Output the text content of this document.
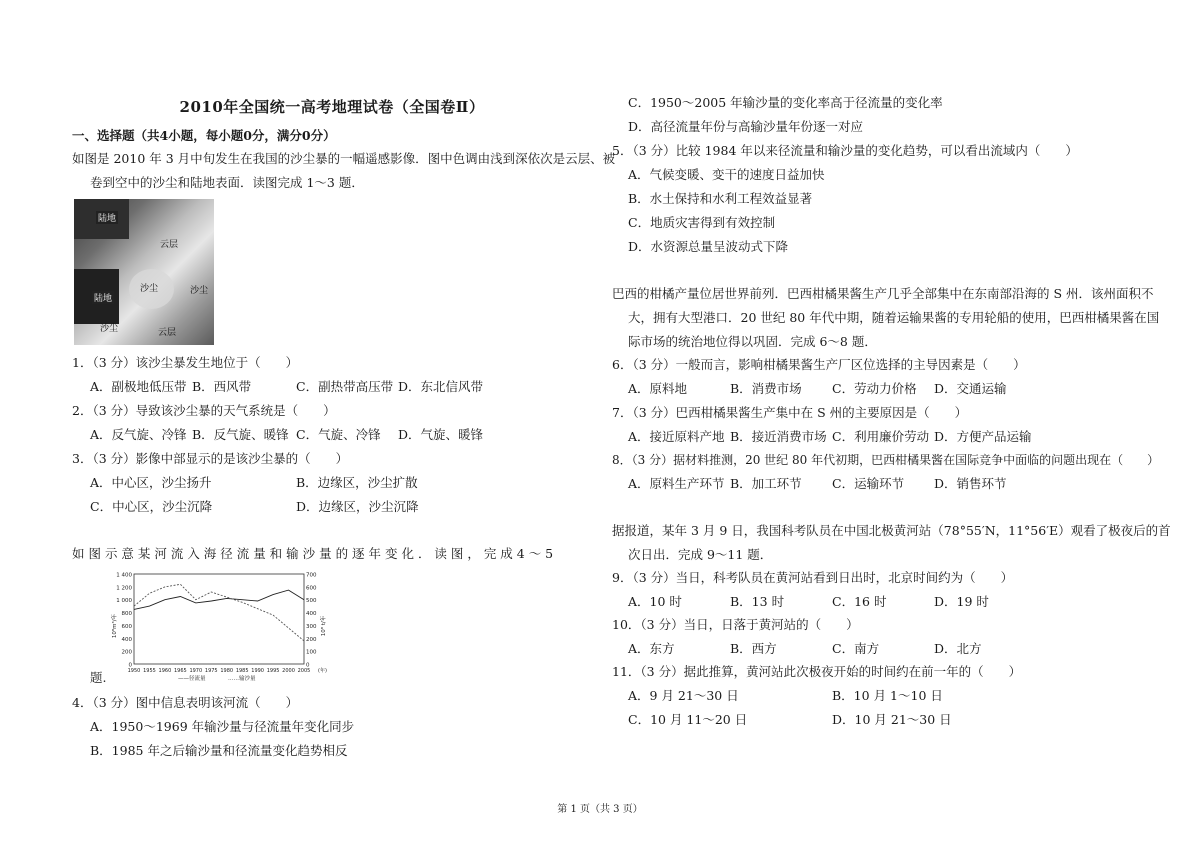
2010年全国统一高考地理试卷（全国卷Ⅱ）
一、选择题（共4小题，每小题0分，满分0分）
如图是 2010 年 3 月中旬发生在我国的沙尘暴的一幅遥感影像．图中色调由浅到深依次是云层、被
卷到空中的沙尘和陆地表面．读图完成 1～3 题．
陆地
云层
陆地
沙尘	沙尘
沙尘	云层
1．（3 分）该沙尘暴发生地位于（　　）
A．副极地低压带 B．西风带	C．副热带高压带 D．东北信风带
2．（3 分）导致该沙尘暴的天气系统是（　　）
A．反气旋、冷锋 B．反气旋、暖锋 C．气旋、冷锋 D．气旋、暖锋
3．（3 分）影像中部显示的是该沙尘暴的（　　）
A．中心区，沙尘扬升	B．边缘区，沙尘扩散
C．中心区，沙尘沉降	D．边缘区，沙尘沉降
如 图 示 意 某 河 流 入 海 径 流 量 和 输 沙 量 的 逐 年 变 化 ． 读 图 ， 完 成 4 ～ 5
1 400
1 200
1 000
800
600
400
200
0
700
600
500
400
300
200
100
0
1950 1955 1960 1965 1970 1975 1980 1985 1990 1995 2000 2005 (年)
10⁸m³/年	10⁸ t/年
——径流量	……输沙量
题.
4．（3 分）图中信息表明该河流（　　）
A．1950～1969 年输沙量与径流量年变化同步
B．1985 年之后输沙量和径流量变化趋势相反
C．1950～2005 年输沙量的变化率高于径流量的变化率
D．高径流量年份与高输沙量年份逐一对应
5．（3 分）比较 1984 年以来径流量和输沙量的变化趋势，可以看出流域内（　　）
A．气候变暖、变干的速度日益加快
B．水土保持和水利工程效益显著
C．地质灾害得到有效控制
D．水资源总量呈波动式下降
巴西的柑橘产量位居世界前列．巴西柑橘果酱生产几乎全部集中在东南部沿海的 S 州．该州面积不
大，拥有大型港口．20 世纪 80 年代中期，随着运输果酱的专用轮船的使用，巴西柑橘果酱在国
际市场的统治地位得以巩固．完成 6～8 题．
6．（3 分）一般而言，影响柑橘果酱生产厂区位选择的主导因素是（　　）
A．原料地	B．消费市场 C．劳动力价格 D．交通运输
7．（3 分）巴西柑橘果酱生产集中在 S 州的主要原因是（　　）
A．接近原料产地 B．接近消费市场 C．利用廉价劳动 D．方便产品运输
8．（3 分）据材料推测，20 世纪 80 年代初期，巴西柑橘果酱在国际竞争中面临的问题出现在（　　）
A．原料生产环节 B．加工环节 C．运输环节 D．销售环节
据报道，某年 3 月 9 日，我国科考队员在中国北极黄河站（78°55′N，11°56′E）观看了极夜后的首
次日出．完成 9～11 题．
9．（3 分）当日，科考队员在黄河站看到日出时，北京时间约为（　　）
A．10 时	B．13 时	C．16 时	D．19 时
10．（3 分）当日，日落于黄河站的（　　）
A．东方	B．西方	C．南方	D．北方
11．（3 分）据此推算，黄河站此次极夜开始的时间约在前一年的（　　）
A．9 月 21～30 日	B．10 月 1～10 日
C．10 月 11～20 日	D．10 月 21～30 日
第 1 页（共 3 页）
